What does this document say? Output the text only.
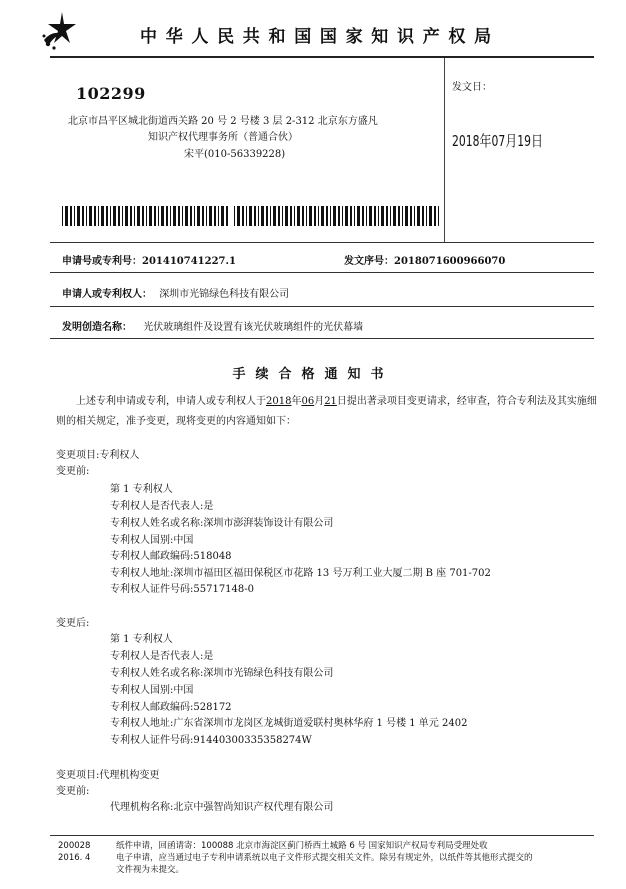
中华人民共和国国家知识产权局
102299
北京市昌平区城北街道西关路 20 号 2 号楼 3 层 2-312 北京东方盛凡
知识产权代理事务所（普通合伙）
宋平(010-56339228)
发文日：
2018年07月19日
申请号或专利号：201410741227.1	发文序号：2018071600966070
申请人或专利权人： 深圳市光锦绿色科技有限公司
发明创造名称： 光伏玻璃组件及设置有该光伏玻璃组件的光伏幕墙
手续合格通知书
上述专利申请或专利，申请人或专利权人于2018年06月21日提出著录项目变更请求，经审查，符合专利法及其实施细则的相关规定，准予变更，现将变更的内容通知如下：
变更项目:专利权人
变更前:
第 1 专利权人
专利权人是否代表人:是
专利权人姓名或名称:深圳市澎湃装饰设计有限公司
专利权人国别:中国
专利权人邮政编码:518048
专利权人地址:深圳市福田区福田保税区市花路 13 号万利工业大厦二期 B 座 701-702
专利权人证件号码:55717148-0
变更后:
第 1 专利权人
专利权人是否代表人:是
专利权人姓名或名称:深圳市光锦绿色科技有限公司
专利权人国别:中国
专利权人邮政编码:528172
专利权人地址:广东省深圳市龙岗区龙城街道爱联村奥林华府 1 号楼 1 单元 2402
专利权人证件号码:91440300335358274W
变更项目:代理机构变更
变更前:
代理机构名称:北京中强智尚知识产权代理有限公司
200028
2016. 4
纸件申请，回函请寄：100088 北京市海淀区蓟门桥西土城路 6 号 国家知识产权局专利局受理处收
电子申请，应当通过电子专利申请系统以电子文件形式提交相关文件。除另有规定外，以纸件等其他形式提交的
文件视为未提交。
